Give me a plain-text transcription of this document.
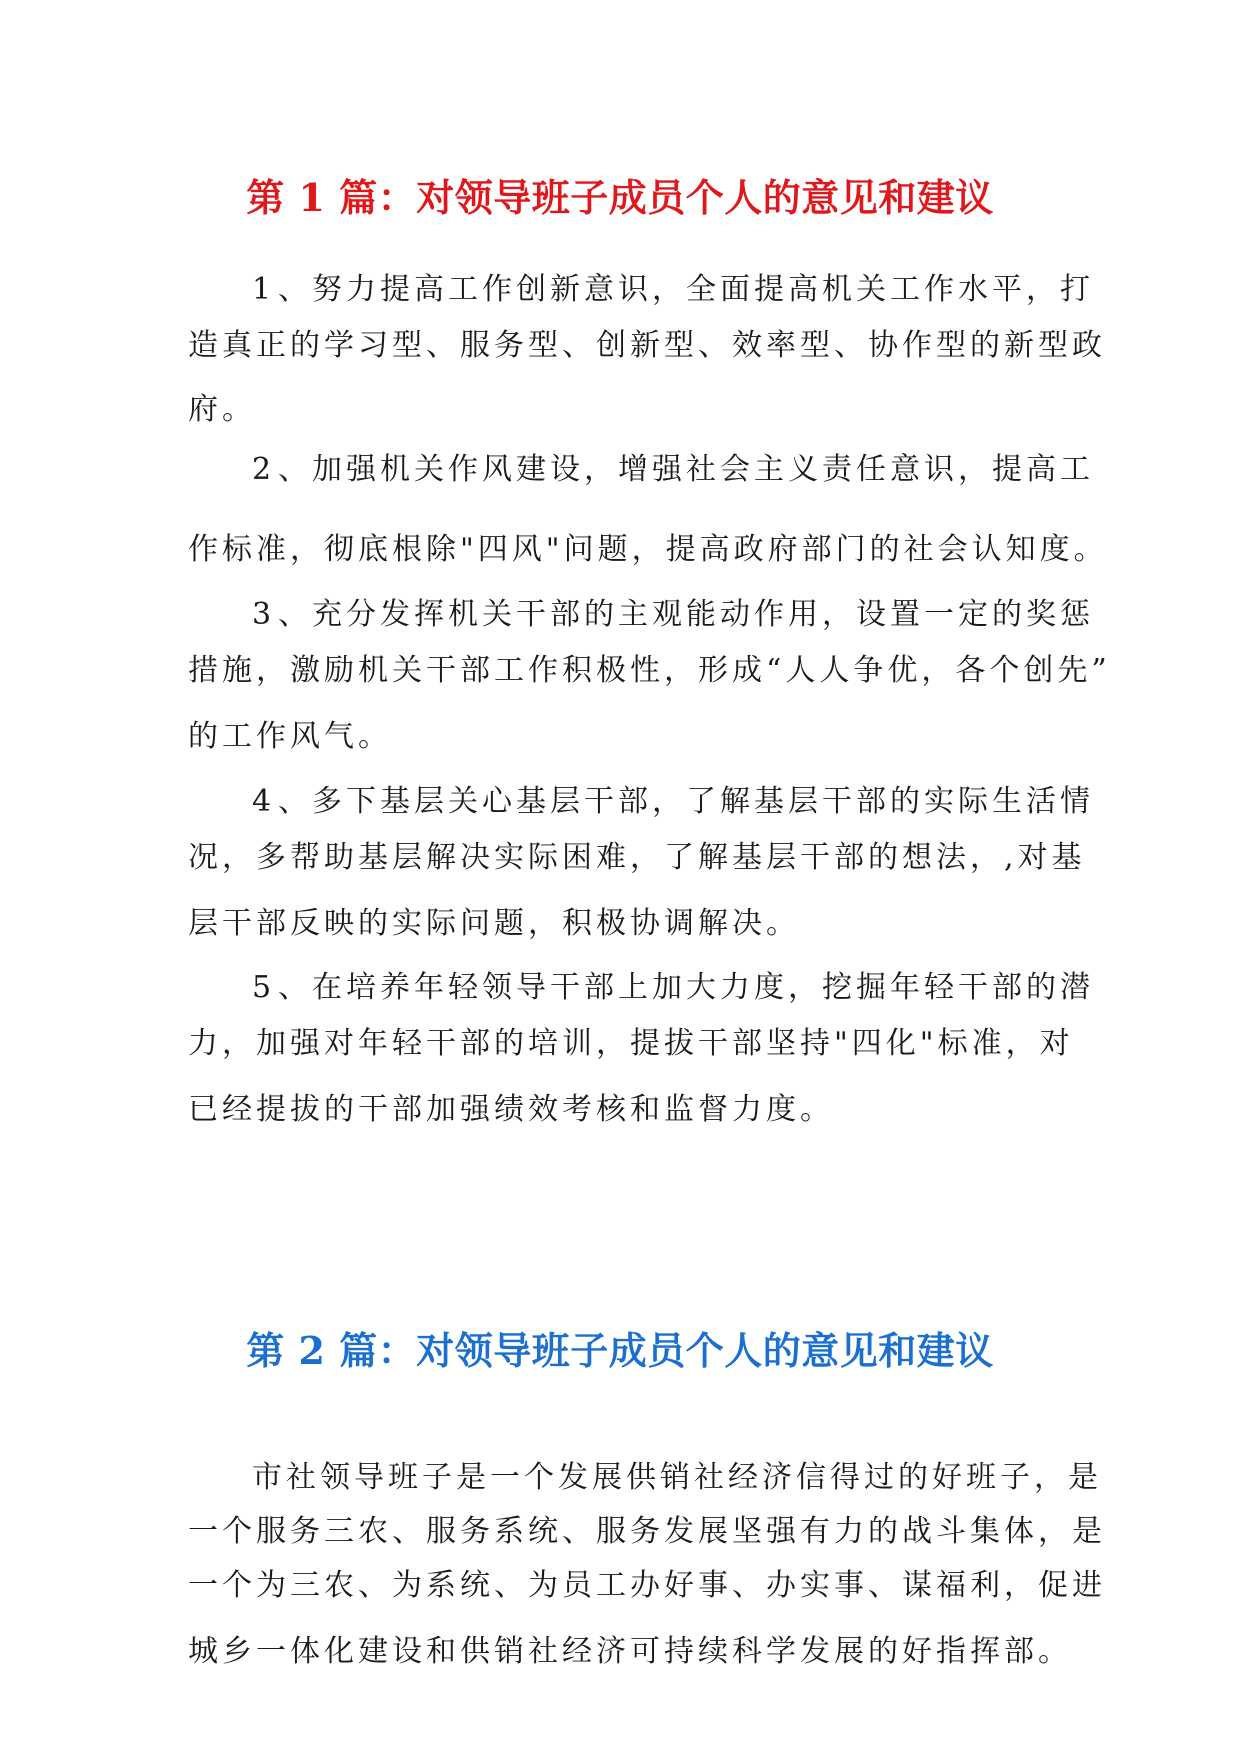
第 1 篇：对领导班子成员个人的意见和建议
1、努力提高工作创新意识，全面提高机关工作水平，打
造真正的学习型、服务型、创新型、效率型、协作型的新型政
府。
2、加强机关作风建设，增强社会主义责任意识，提高工
作标准，彻底根除"四风"问题，提高政府部门的社会认知度。
3、充分发挥机关干部的主观能动作用，设置一定的奖惩
措施，激励机关干部工作积极性，形成“人人争优，各个创先”
的工作风气。
4、多下基层关心基层干部，了解基层干部的实际生活情
况，多帮助基层解决实际困难，了解基层干部的想法，,对基
层干部反映的实际问题，积极协调解决。
5、在培养年轻领导干部上加大力度，挖掘年轻干部的潜
力，加强对年轻干部的培训，提拔干部坚持"四化"标准，对
已经提拔的干部加强绩效考核和监督力度。
第 2 篇：对领导班子成员个人的意见和建议
市社领导班子是一个发展供销社经济信得过的好班子，是
一个服务三农、服务系统、服务发展坚强有力的战斗集体，是
一个为三农、为系统、为员工办好事、办实事、谋福利，促进
城乡一体化建设和供销社经济可持续科学发展的好指挥部。
